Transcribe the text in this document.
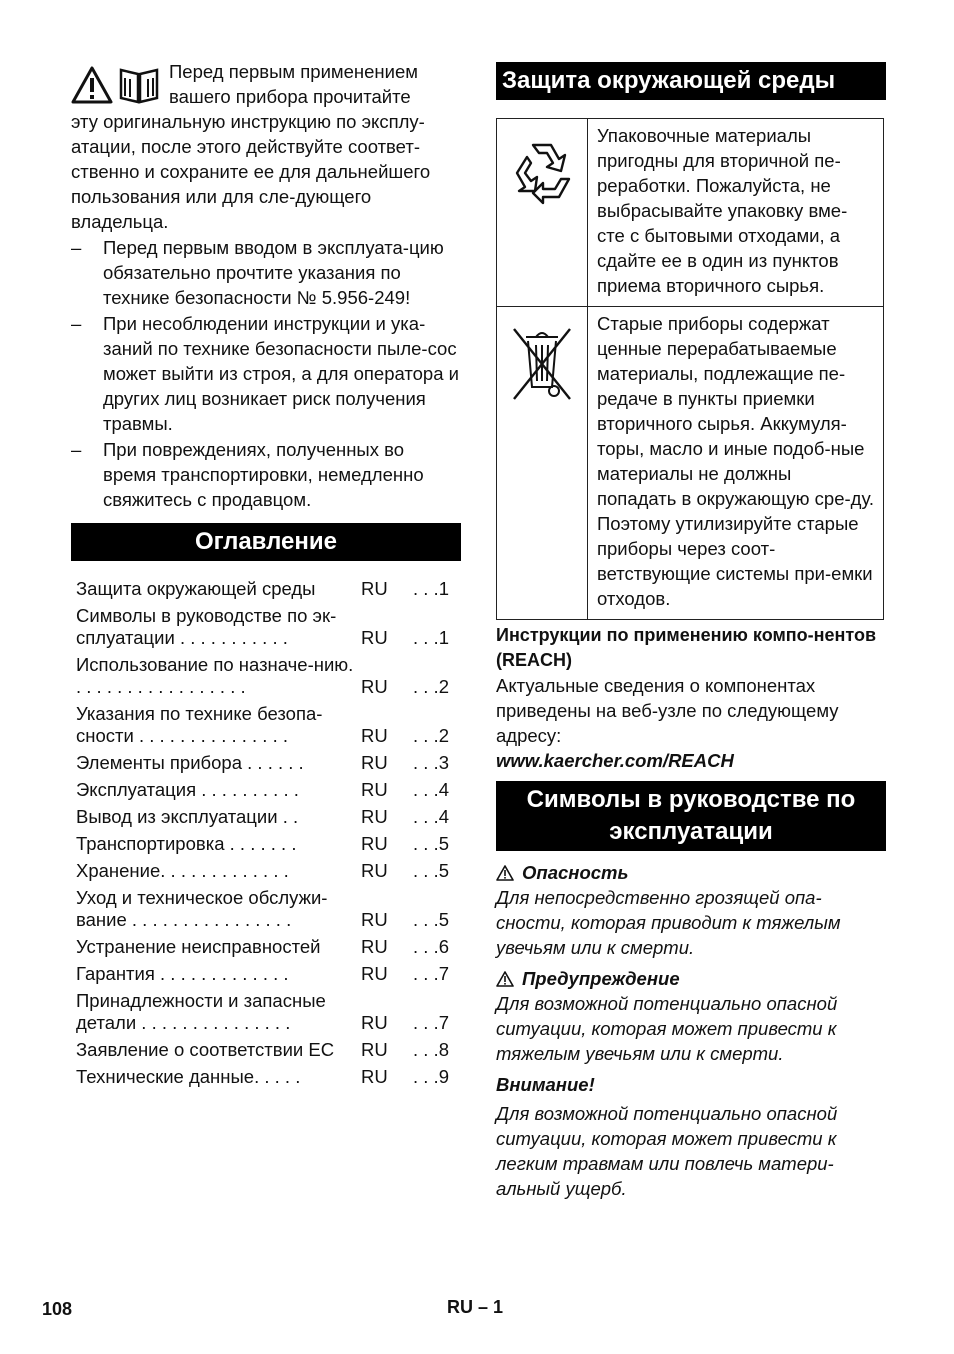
Перед первым применением

вашего прибора прочитайте

эту оригинальную инструкцию по эксплу-атации, после этого действуйте соответ-ственно и сохраните ее для дальнейшего пользования или для сле-дующего владельца.

–	Перед первым вводом в эксплуата-цию обязательно прочтите указания по технике безопасности № 5.956-249!
–	При несоблюдении инструкции и ука-заний по технике безопасности пыле-сос может выйти из строя, а для оператора и других лиц возникает риск получения травмы.
–	При повреждениях, полученных во время транспортировки, немедленно свяжитесь с продавцом.
Оглавление
Защита окружающей среды	RU	. . .1
Символы в руководстве по эк-сплуатации . . . . . . . . . . .	RU	. . .1
Использование по назначе-нию. . . . . . . . . . . . . . . . . .	RU	. . .2
Указания по технике безопа-сности . . . . . . . . . . . . . . .	RU	. . .2
Элементы прибора . . . . . .	RU	. . .3
Эксплуатация . . . . . . . . . .	RU	. . .4
Вывод из эксплуатации . .	RU	. . .4
Транспортировка . . . . . . .	RU	. . .5
Хранение. . . . . . . . . . . . .	RU	. . .5
Уход и техническое обслужи-вание . . . . . . . . . . . . . . . .	RU	. . .5
Устранение неисправностей	RU	. . .6
Гарантия . . . . . . . . . . . . .	RU	. . .7
Принадлежности и запасные детали . . . . . . . . . . . . . . .	RU	. . .7
Заявление о соответствии ЕС	RU	. . .8
Технические данные. . . . .	RU	. . .9
Защита окружающей среды
	Упаковочные материалы пригодны для вторичной пе-реработки. Пожалуйста, не выбрасывайте упаковку вме-сте с бытовыми отходами, а сдайте ее в один из пунктов приема вторичного сырья.
	Старые приборы содержат ценные перерабатываемые материалы, подлежащие пе-редаче в пункты приемки вторичного сырья. Аккумуля-торы, масло и иные подоб-ные материалы не должны попадать в окружающую сре-ду. Поэтому утилизируйте старые приборы через соот-ветствующие системы при-емки отходов.

Инструкции по применению компо-нентов (REACH)

Актуальные сведения о компонентах приведены на веб-узле по следующему адресу:

www.kaercher.com/REACH

Символы в руководстве по эксплуатации
Опасность

Для непосредственно грозящей опа-сности, которая приводит к тяжелым увечьям или к смерти.

Предупреждение

Для возможной потенциально опасной ситуации, которая может привести к тяжелым увечьям или к смерти.

Внимание!

Для возможной потенциально опасной ситуации, которая может привести к легким травмам или повлечь матери-альный ущерб.

108	RU – 1
